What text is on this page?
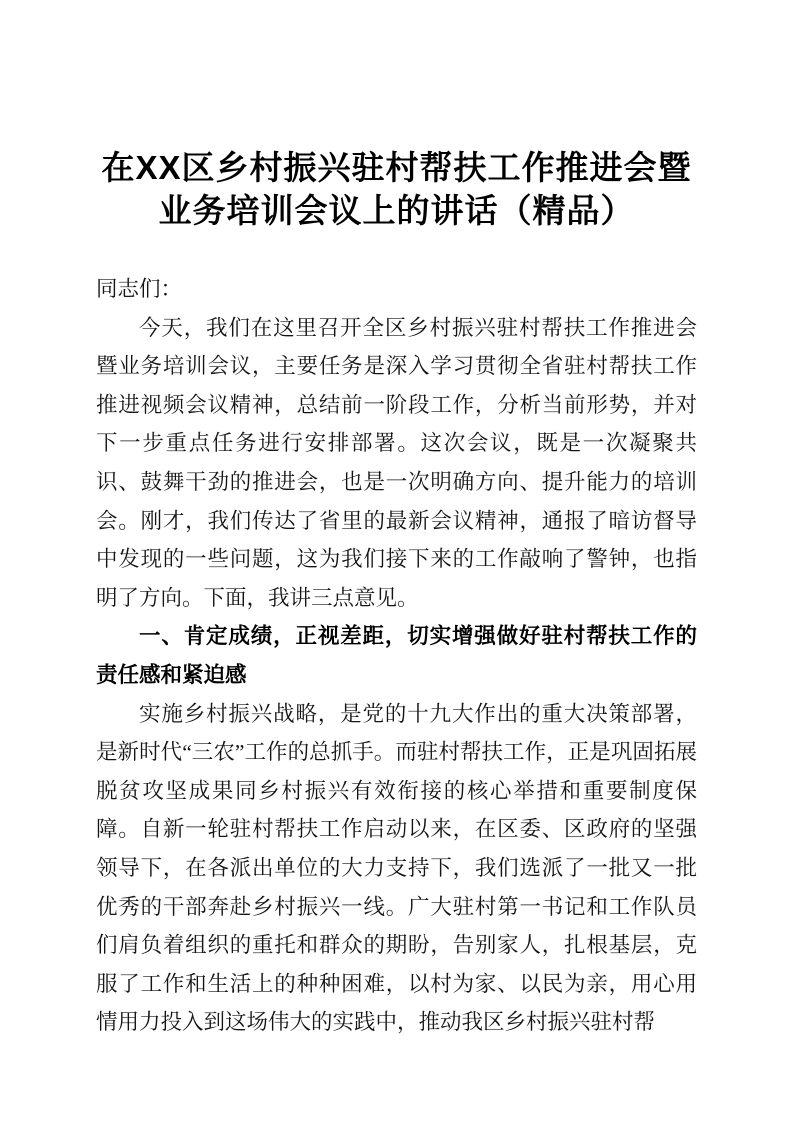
在XX区乡村振兴驻村帮扶工作推进会暨
业务培训会议上的讲话（精品）

同志们：

今天，我们在这里召开全区乡村振兴驻村帮扶工作推进会暨业务培训会议，主要任务是深入学习贯彻全省驻村帮扶工作推进视频会议精神，总结前一阶段工作，分析当前形势，并对下一步重点任务进行安排部署。这次会议，既是一次凝聚共识、鼓舞干劲的推进会，也是一次明确方向、提升能力的培训会。刚才，我们传达了省里的最新会议精神，通报了暗访督导中发现的一些问题，这为我们接下来的工作敲响了警钟，也指明了方向。下面，我讲三点意见。

一、肯定成绩，正视差距，切实增强做好驻村帮扶工作的责任感和紧迫感

实施乡村振兴战略，是党的十九大作出的重大决策部署，是新时代“三农”工作的总抓手。而驻村帮扶工作，正是巩固拓展脱贫攻坚成果同乡村振兴有效衔接的核心举措和重要制度保障。自新一轮驻村帮扶工作启动以来，在区委、区政府的坚强领导下，在各派出单位的大力支持下，我们选派了一批又一批优秀的干部奔赴乡村振兴一线。广大驻村第一书记和工作队员们肩负着组织的重托和群众的期盼，告别家人，扎根基层，克服了工作和生活上的种种困难，以村为家、以民为亲，用心用情用力投入到这场伟大的实践中，推动我区乡村振兴驻村帮
